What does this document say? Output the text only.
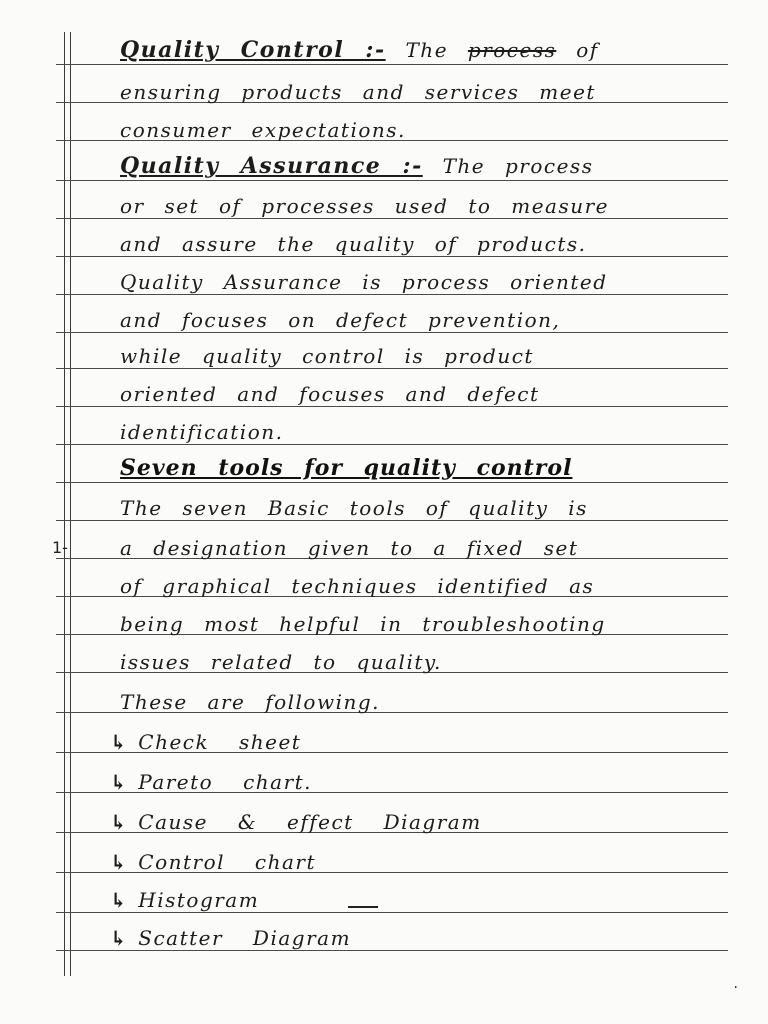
Quality Control :- The process of
ensuring products and services meet
consumer expectations.
Quality Assurance :- The process
or set of processes used to measure
and assure the quality of products.
Quality Assurance is process oriented
and focuses on defect prevention,
while quality control is product
oriented and focuses and defect
identification.
Seven tools for quality control
The seven Basic tools of quality is
1-	a designation given to a fixed set
of graphical techniques identified as
being most helpful in troubleshooting
issues related to quality.
These are following.
↳ Check sheet
↳ Pareto chart.
↳ Cause & effect Diagram
↳ Control chart
↳ Histogram
↳ Scatter Diagram
·
